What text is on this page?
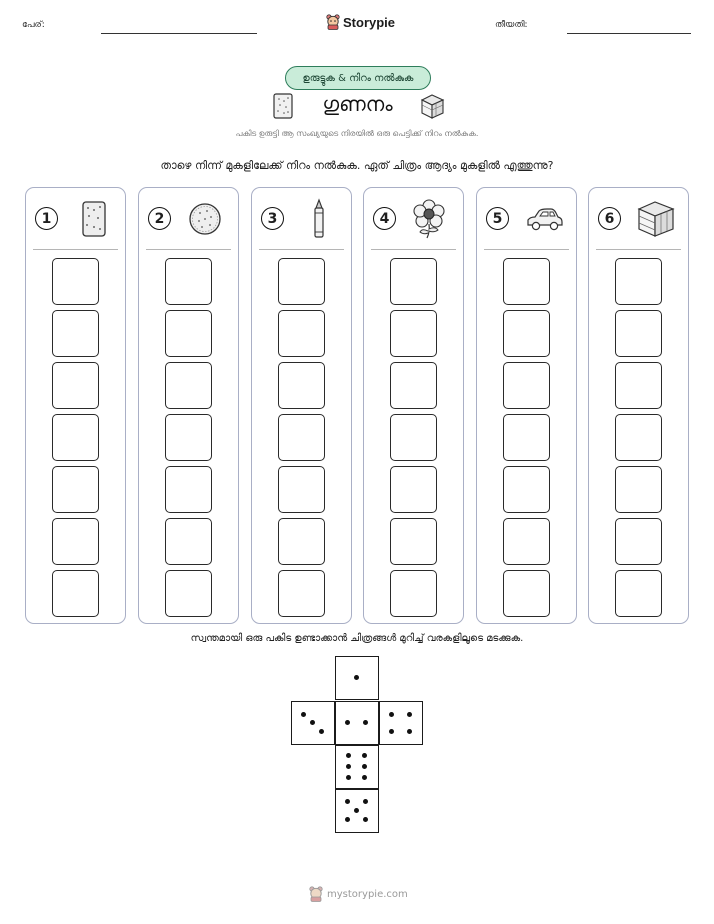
പേര്:	Storypie	തീയതി:
ഉരുട്ടുക & നിറം നൽകുക
ഗുണനം
പകിട ഉരുട്ടി ആ സംഖ്യയുടെ നിരയിൽ ഒരു പെട്ടിക്ക് നിറം നൽകുക.
താഴെ നിന്ന് മുകളിലേക്ക് നിറം നൽകുക. ഏത് ചിത്രം ആദ്യം മുകളിൽ എത്തുന്നു?
1	2	3	4	5	6
സ്വന്തമായി ഒരു പകിട ഉണ്ടാക്കാൻ ചിത്രങ്ങൾ മുറിച്ച് വരകളിലൂടെ മടക്കുക.
mystorypie.com
